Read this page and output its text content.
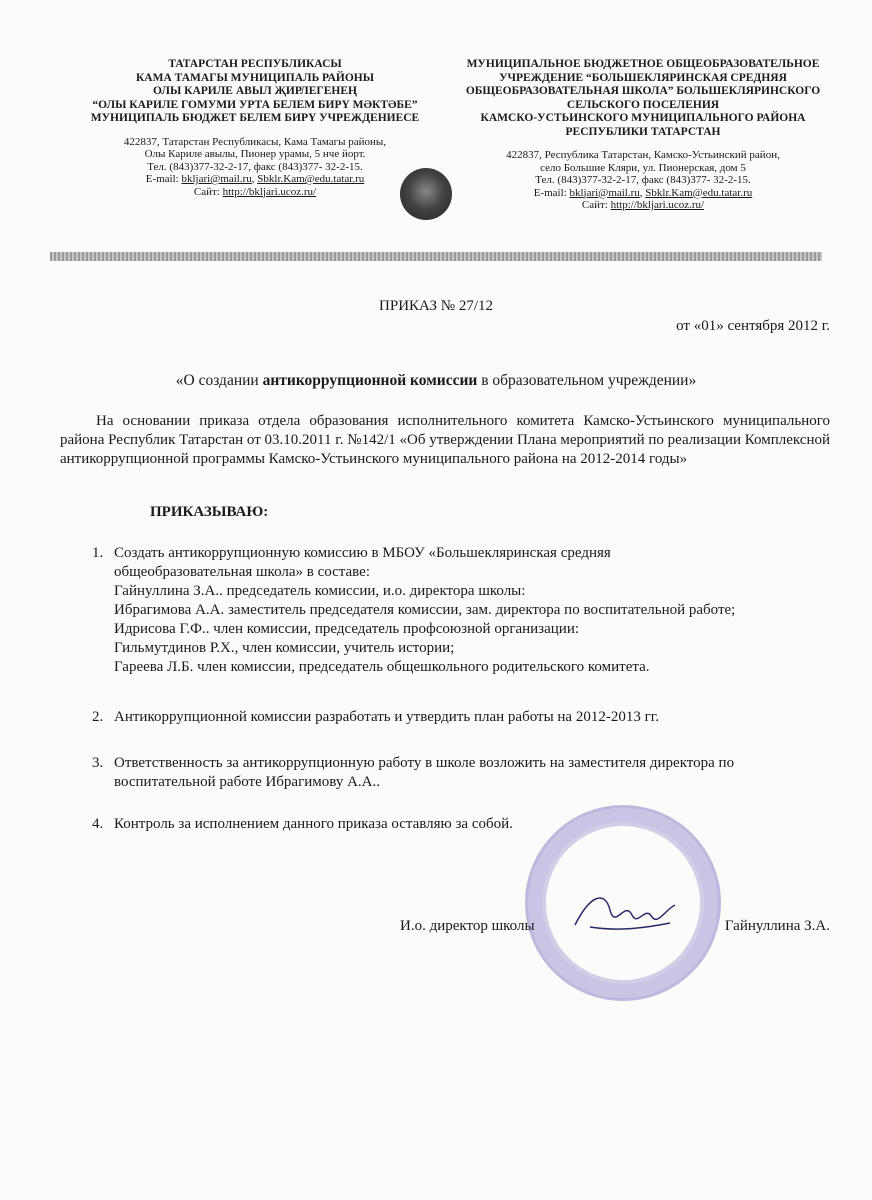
ТАТАРСТАН РЕСПУБЛИКАСЫ
КАМА ТАМАГЫ МУНИЦИПАЛЬ РАЙОНЫ
ОЛЫ КАРИЛЕ АВЫЛ ҖИРЛЕГЕНЕҢ
“ОЛЫ КАРИЛЕ ГОМУМИ УРТА БЕЛЕМ БИРҮ МӘКТӘБЕ”
МУНИЦИПАЛЬ БЮДЖЕТ БЕЛЕМ БИРҮ УЧРЕЖДЕНИЕСЕ
422837, Татарстан Республикасы, Кама Тамагы районы,
Олы Кариле авылы, Пионер урамы, 5 нче йорт.
Тел. (843)377-32-2-17, факс (843)377- 32-2-15.
E-mail: bkljari@mail.ru, Sbklr.Kam@edu.tatar.ru
Сайт: http://bkljari.ucoz.ru/
МУНИЦИПАЛЬНОЕ БЮДЖЕТНОЕ ОБЩЕОБРАЗОВАТЕЛЬНОЕ
УЧРЕЖДЕНИЕ “БОЛЬШЕКЛЯРИНСКАЯ СРЕДНЯЯ
ОБЩЕОБРАЗОВАТЕЛЬНАЯ ШКОЛА” БОЛЬШЕКЛЯРИНСКОГО
СЕЛЬСКОГО ПОСЕЛЕНИЯ
КАМСКО-УСТЬИНСКОГО МУНИЦИПАЛЬНОГО РАЙОНА
РЕСПУБЛИКИ ТАТАРСТАН
422837, Республика Татарстан, Камско-Устьинский район,
село Большие Кляри, ул. Пионерская, дом 5
Тел. (843)377-32-2-17, факс (843)377- 32-2-15.
E-mail: bkljari@mail.ru, Sbklr.Kam@edu.tatar.ru
Сайт: http://bkljari.ucoz.ru/
ПРИКАЗ № 27/12
от «01» сентября 2012 г.
«О создании антикоррупционной комиссии в образовательном учреждении»
На основании приказа отдела образования исполнительного комитета Камско-Устьинского муниципального района Республик Татарстан от 03.10.2011 г. №142/1 «Об утверждении Плана мероприятий по реализации Комплексной антикоррупционной программы Камско-Устьинского муниципального района на 2012-2014 годы»
ПРИКАЗЫВАЮ:
1. Создать антикоррупционную комиссию в МБОУ «Большекляринская средняя общеобразовательная школа» в составе:
Гайнуллина З.А.. председатель комиссии, и.о. директора школы:
Ибрагимова А.А. заместитель председателя комиссии, зам. директора по воспитательной работе;
Идрисова Г.Ф.. член комиссии, председатель профсоюзной организации:
Гильмутдинов Р.Х., член комиссии, учитель истории;
Гареева Л.Б. член комиссии, председатель общешкольного родительского комитета.
2. Антикоррупционной комиссии разработать и утвердить план работы на 2012-2013 гг.
3. Ответственность за антикоррупционную работу в школе возложить на заместителя директора по воспитательной работе Ибрагимову А.А..
4. Контроль за исполнением данного приказа оставляю за собой.
И.о. директор школы	Гайнуллина З.А.
